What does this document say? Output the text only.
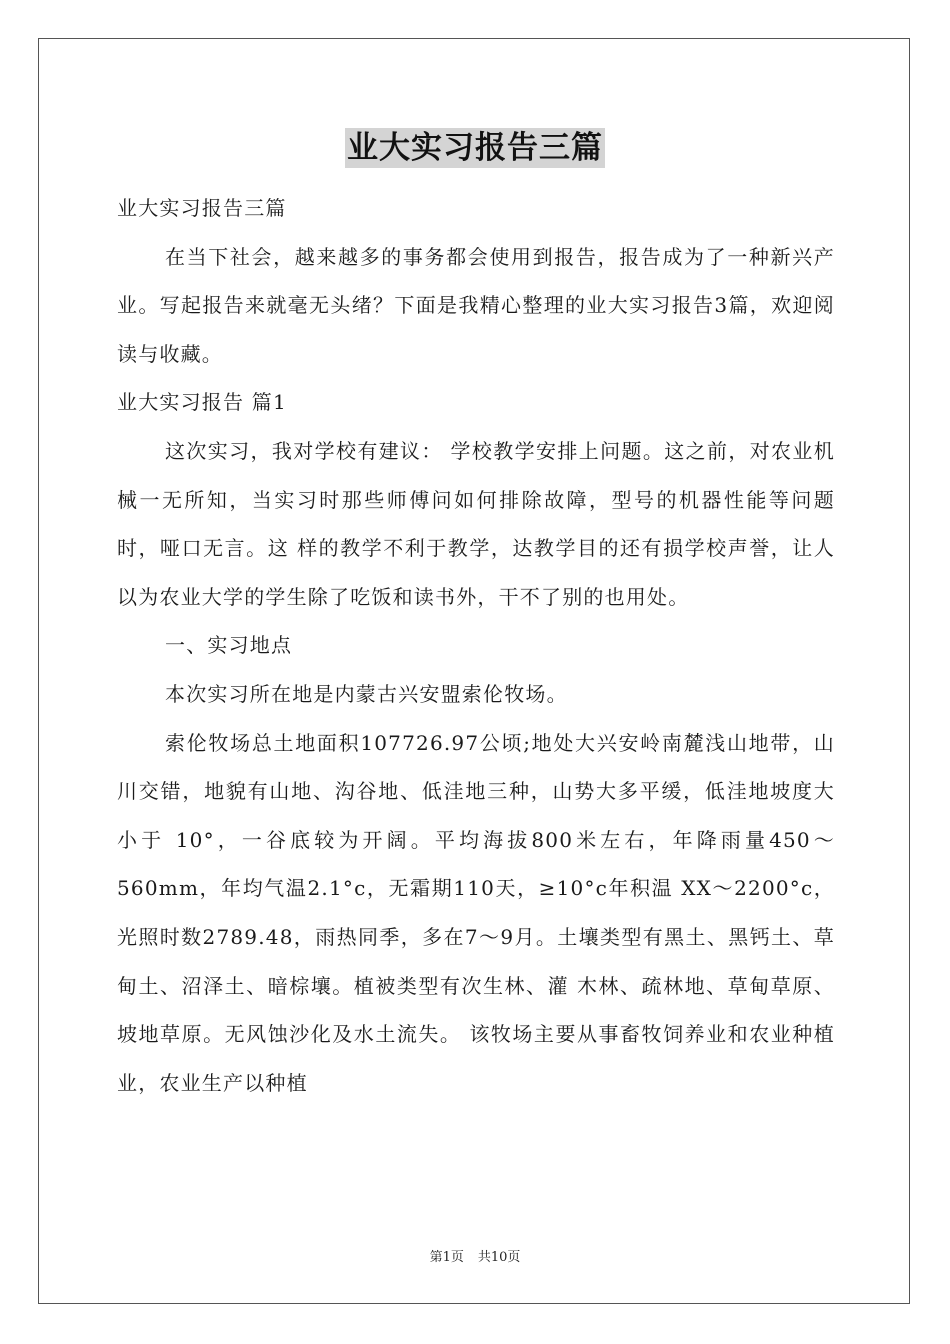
业大实习报告三篇

业大实习报告三篇

在当下社会，越来越多的事务都会使用到报告，报告成为了一种新兴产业。写起报告来就毫无头绪？下面是我精心整理的业大实习报告3篇，欢迎阅读与收藏。

业大实习报告 篇1

这次实习，我对学校有建议： 学校教学安排上问题。这之前，对农业机械一无所知，当实习时那些师傅问如何排除故障，型号的机器性能等问题时，哑口无言。这 样的教学不利于教学，达教学目的还有损学校声誉，让人以为农业大学的学生除了吃饭和读书外，干不了别的也用处。

一、实习地点

本次实习所在地是内蒙古兴安盟索伦牧场。

索伦牧场总土地面积107726.97公顷;地处大兴安岭南麓浅山地带，山川交错，地貌有山地、沟谷地、低洼地三种，山势大多平缓，低洼地坡度大小于 10°，一谷底较为开阔。平均海拔800米左右，年降雨量450～560mm，年均气温2.1°c，无霜期110天，≥10°c年积温 XX～2200°c，光照时数2789.48，雨热同季，多在7～9月。土壤类型有黑土、黑钙土、草甸土、沼泽土、暗棕壤。植被类型有次生林、灌 木林、疏林地、草甸草原、坡地草原。无风蚀沙化及水土流失。 该牧场主要从事畜牧饲养业和农业种植业，农业生产以种植

第1页 共10页
